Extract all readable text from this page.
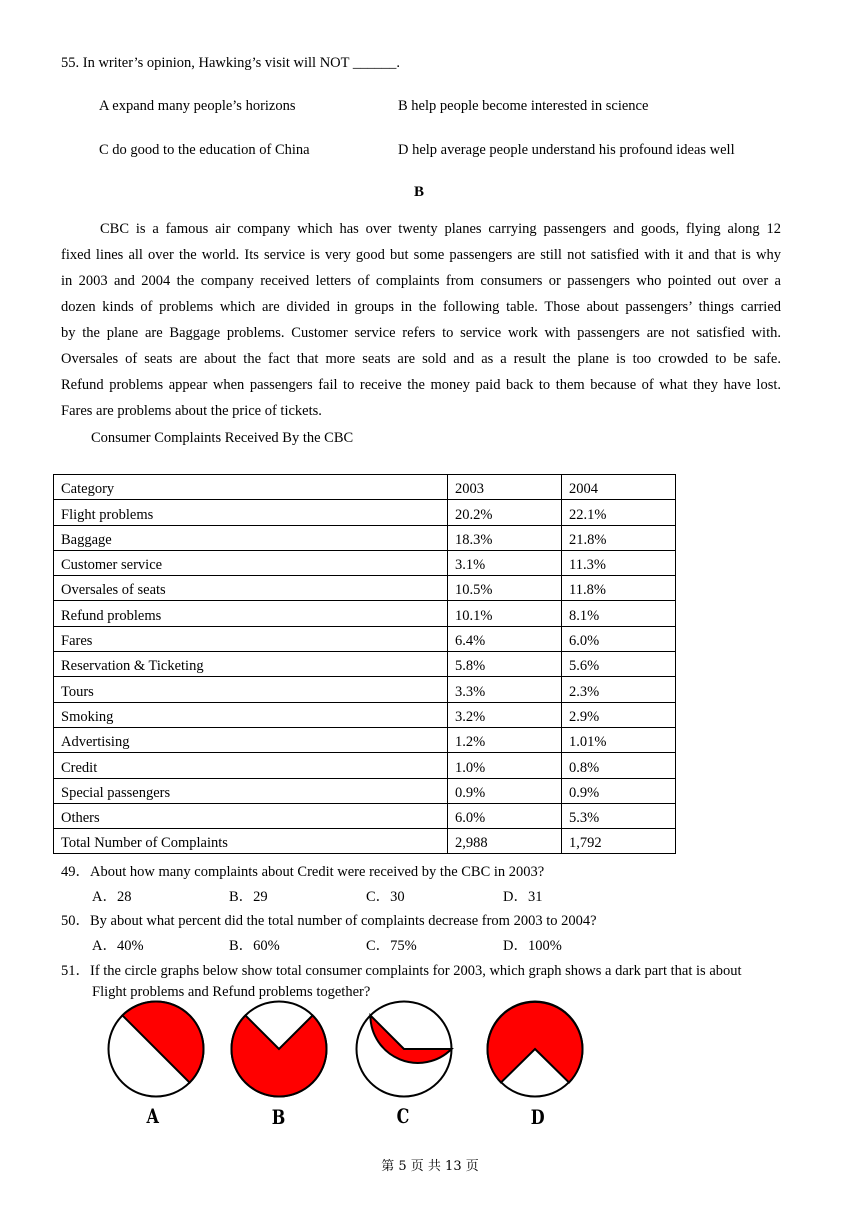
55. In writer’s opinion, Hawking’s visit will NOT ______.
A expand many people’s horizons	B help people become interested in science
C do good to the education of China	D help average people understand his profound ideas well
B
CBC is a famous air company which has over twenty planes carrying passengers and goods, flying along 12
fixed lines all over the world. Its service is very good but some passengers are still not satisfied with it and that is why
in 2003 and 2004 the company received letters of complaints from consumers or passengers who pointed out over a
dozen kinds of problems which are divided in groups in the following table. Those about passengers’ things carried
by the plane are Baggage problems. Customer service refers to service work with passengers are not satisfied with.
Oversales of seats are about the fact that more seats are sold and as a result the plane is too crowded to be safe.
Refund problems appear when passengers fail to receive the money paid back to them because of what they have lost.
Fares are problems about the price of tickets.
Consumer Complaints Received By the CBC
Category	2003	2004
Flight problems	20.2%	22.1%
Baggage	18.3%	21.8%
Customer service	3.1%	11.3%
Oversales of seats	10.5%	11.8%
Refund problems	10.1%	8.1%
Fares	6.4%	6.0%
Reservation & Ticketing	5.8%	5.6%
Tours	3.3%	2.3%
Smoking	3.2%	2.9%
Advertising	1.2%	1.01%
Credit	1.0%	0.8%
Special passengers	0.9%	0.9%
Others	6.0%	5.3%
Total Number of Complaints	2,988	1,792
49．About how many complaints about Credit were received by the CBC in 2003?
A．28	B．29	C．30	D．31
50．By about what percent did the total number of complaints decrease from 2003 to 2004?
A．40%	B．60%	C．75%	D．100%
51．If the circle graphs below show total consumer complaints for 2003, which graph shows a dark part that is about
Flight problems and Refund problems together?
A	B	C	D
第 5 页 共 13 页
